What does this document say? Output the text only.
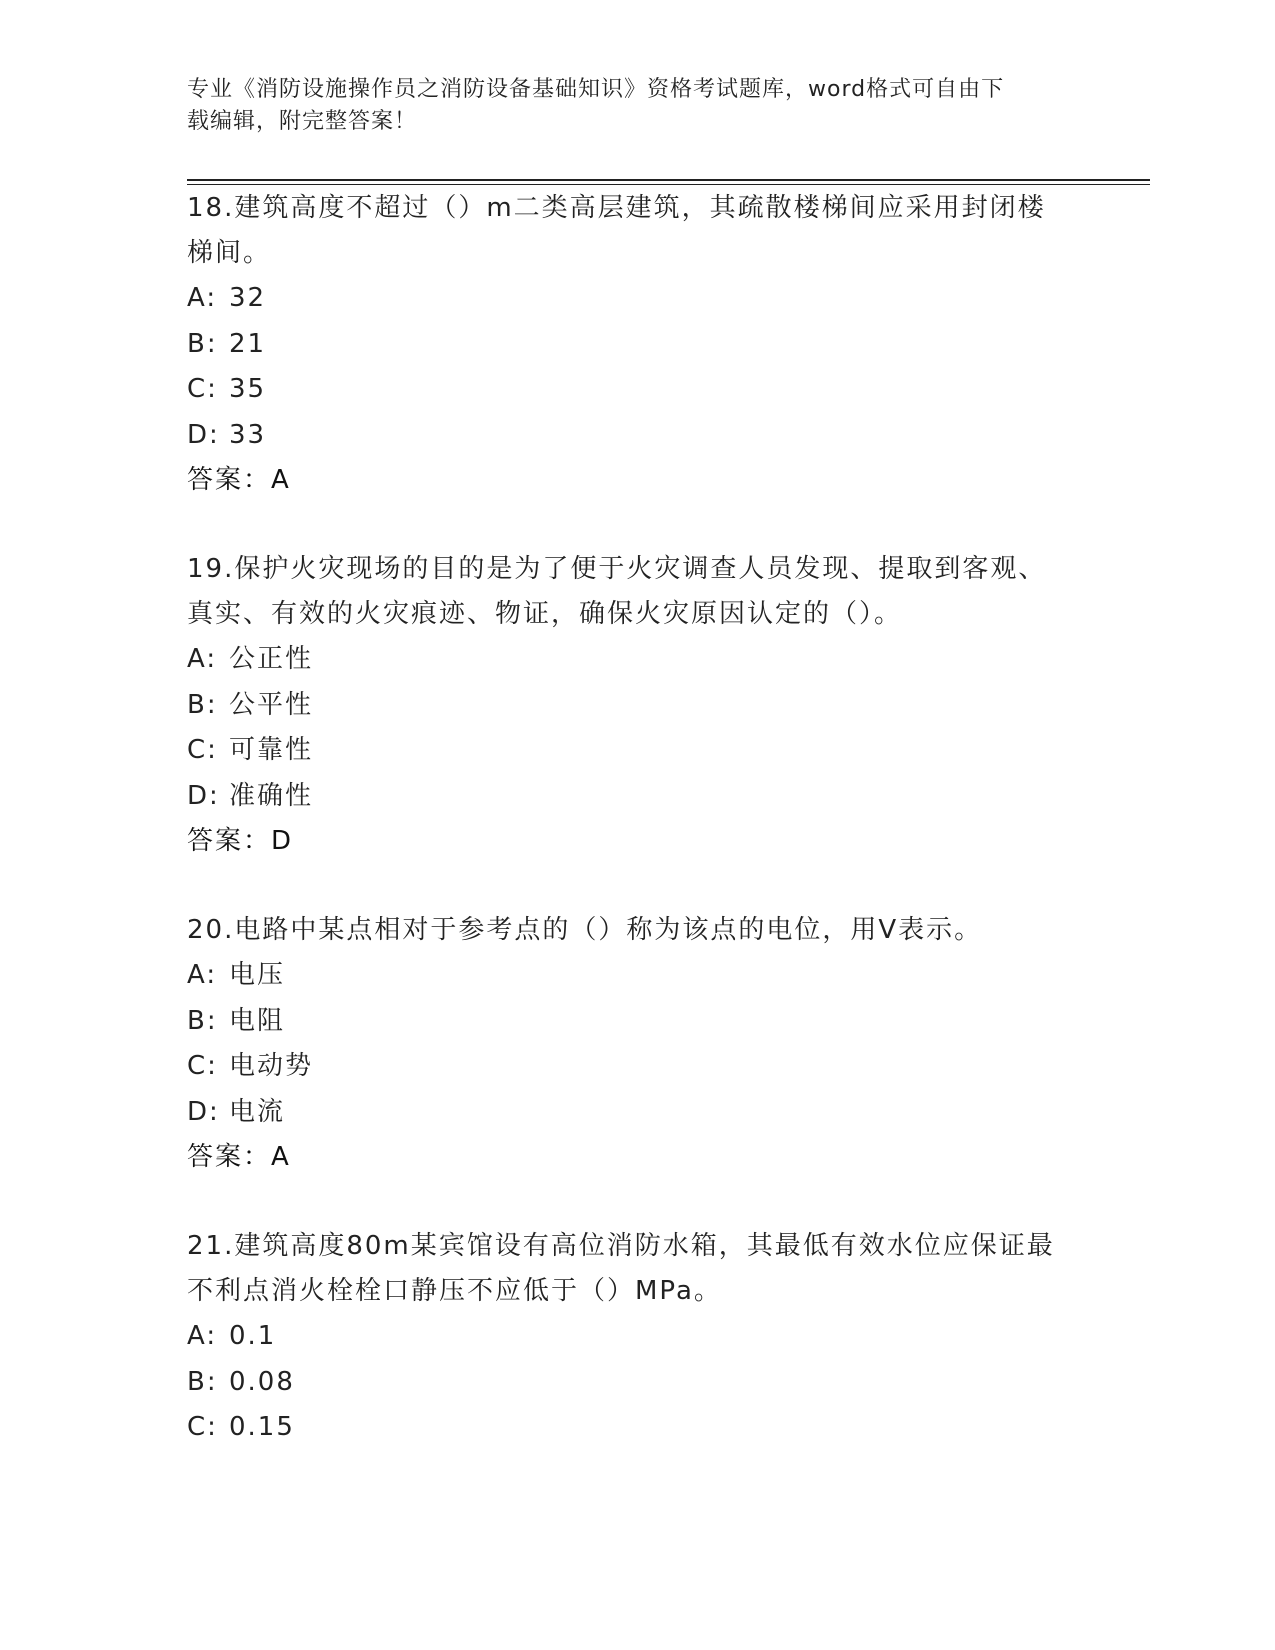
专业《消防设施操作员之消防设备基础知识》资格考试题库，word格式可自由下
载编辑，附完整答案！

18.建筑高度不超过（）m二类高层建筑，其疏散楼梯间应采用封闭楼

梯间。

A: 32

B: 21

C: 35

D: 33

答案：A

19.保护火灾现场的目的是为了便于火灾调查人员发现、提取到客观、

真实、有效的火灾痕迹、物证，确保火灾原因认定的（）。

A: 公正性

B: 公平性

C: 可靠性

D: 准确性

答案：D

20.电路中某点相对于参考点的（）称为该点的电位，用V表示。

A: 电压

B: 电阻

C: 电动势

D: 电流

答案：A

21.建筑高度80m某宾馆设有高位消防水箱，其最低有效水位应保证最

不利点消火栓栓口静压不应低于（）MPa。

A: 0.1

B: 0.08

C: 0.15
